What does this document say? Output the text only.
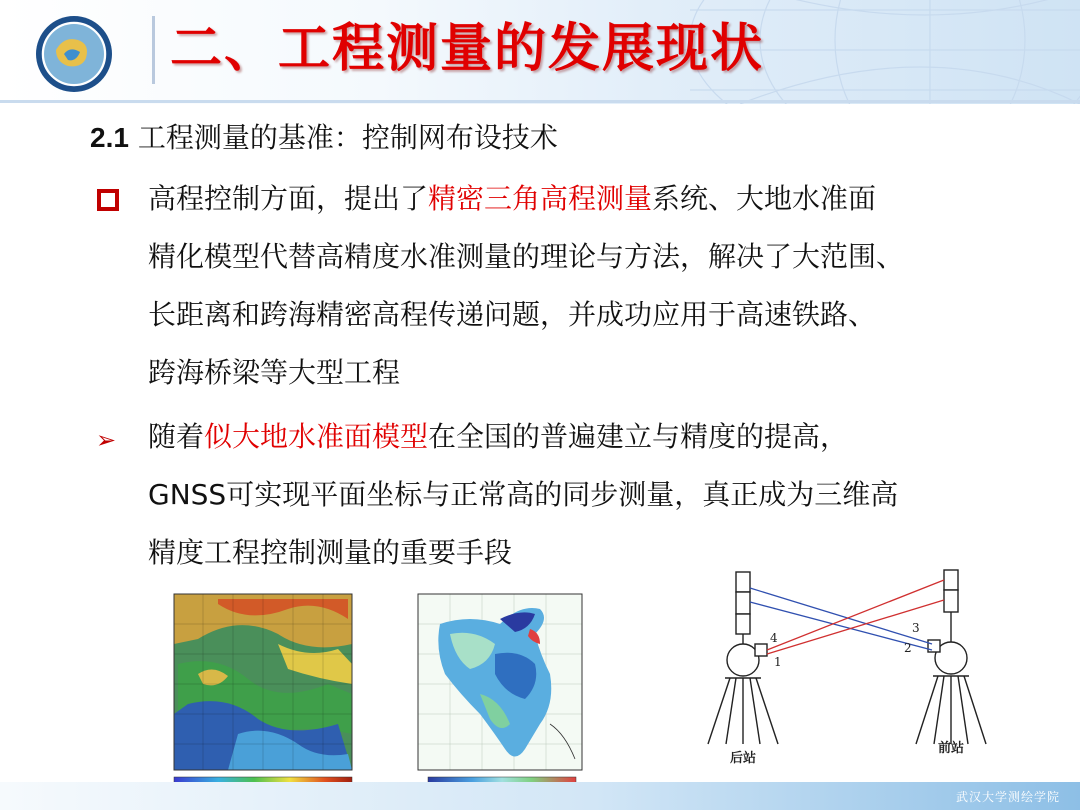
二、工程测量的发展现状
2.1 工程测量的基准：控制网布设技术
高程控制方面，提出了精密三角高程测量系统、大地水准面
精化模型代替高精度水准测量的理论与方法，解决了大范围、
长距离和跨海精密高程传递问题，并成功应用于高速铁路、
跨海桥梁等大型工程
➢ 随着似大地水准面模型在全国的普遍建立与精度的提高，
GNSS可实现平面坐标与正常高的同步测量，真正成为三维高
精度工程控制测量的重要手段
4
1
3
2
后站
前站
武汉大学测绘学院
